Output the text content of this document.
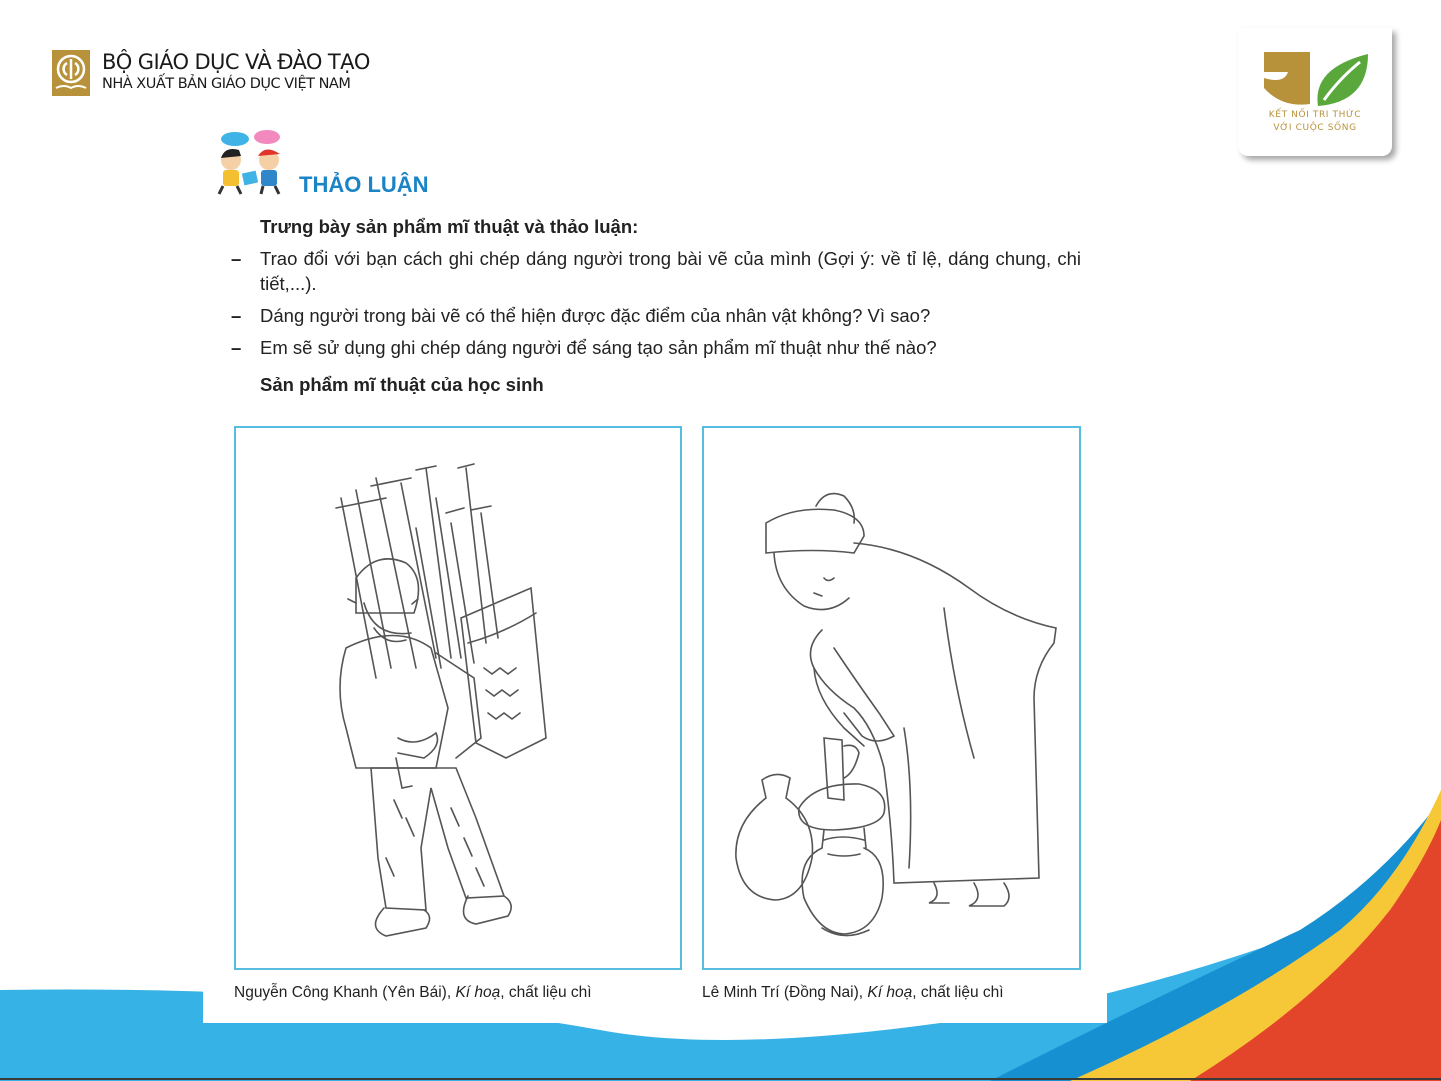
BỘ GIÁO DỤC VÀ ĐÀO TẠO
NHÀ XUẤT BẢN GIÁO DỤC VIỆT NAM
KẾT NỐI TRI THỨC
VỚI CUỘC SỐNG
THẢO LUẬN
Trưng bày sản phẩm mĩ thuật và thảo luận:
–	Trao đổi với bạn cách ghi chép dáng người trong bài vẽ của mình (Gợi ý: về tỉ lệ, dáng chung, chi tiết,...).
–	Dáng người trong bài vẽ có thể hiện được đặc điểm của nhân vật không? Vì sao?
–	Em sẽ sử dụng ghi chép dáng người để sáng tạo sản phẩm mĩ thuật như thế nào?
Sản phẩm mĩ thuật của học sinh
Nguyễn Công Khanh (Yên Bái), Kí hoạ, chất liệu chì	Lê Minh Trí (Đồng Nai), Kí hoạ, chất liệu chì
